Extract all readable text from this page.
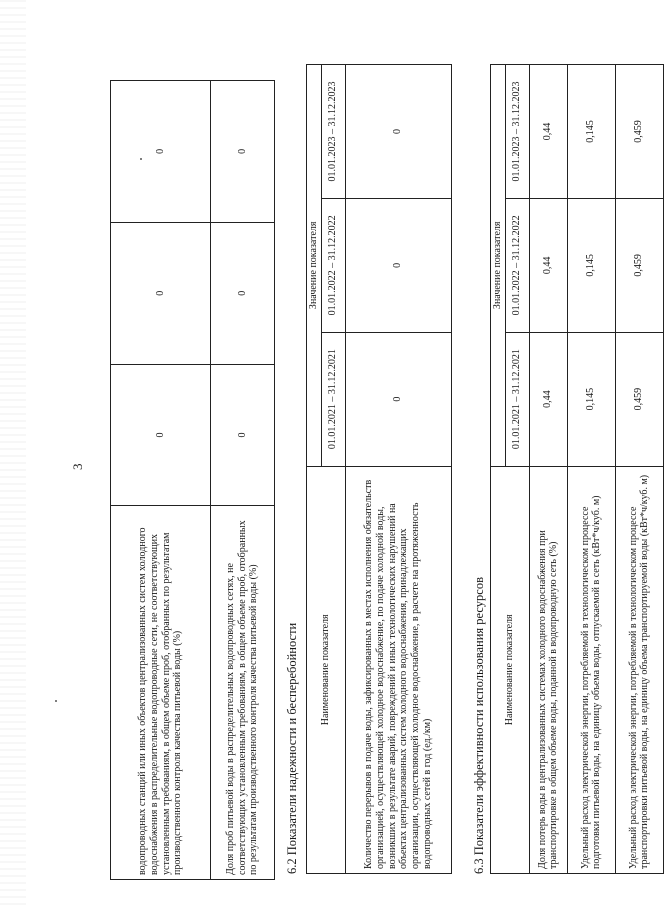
3
водопроводных станций или иных объектов централизованных систем холодного водоснабжения в распределительные водопроводные сети, не соответствующих установленным требованиям, в общем объеме проб, отобранных по результатам производственного контроля качества питьевой воды (%)	0	0	0
Доля проб питьевой воды в распределительных водопроводных сетях, не соответствующих установленным требованиям, в общем объеме проб, отобранных по результатам производственного контроля качества питьевой воды (%)	0	0	0
6.2 Показатели надежности и бесперебойности Наименование показателя	Значение показателя		
	01.01.2021 – 31.12.2021	01.01.2022 – 31.12.2022	01.01.2023 – 31.12.2023
Количество перерывов в подаче воды, зафиксированных в местах исполнения обязательств организацией, осуществляющей холодное водоснабжение, по подаче холодной воды, возникших в результате аварий, повреждений и иных технологических нарушений на объектах централизованных систем холодного водоснабжения, принадлежащих организации, осуществляющей холодное водоснабжение, в расчете на протяженность водопроводных сетей в год (ед./км)	0	0	0
6.3 Показатели эффективности использования ресурсов Наименование показателя	Значение показателя		
	01.01.2021 – 31.12.2021	01.01.2022 – 31.12.2022	01.01.2023 – 31.12.2023
Доля потерь воды в централизованных системах холодного водоснабжения при транспортировке в общем объеме воды, поданной в водопроводную сеть (%)	0,44	0,44	0,44
Удельный расход электрической энергии, потребляемой в технологическом процессе подготовки питьевой воды, на единицу объема воды, отпускаемой в сеть (кВт*ч/куб. м)	0,145	0,145	0,145
Удельный расход электрической энергии, потребляемой в технологическом процессе транспортировки питьевой воды, на единицу объема транспортируемой воды (кВт*ч/куб. м)	0,459	0,459	0,459
